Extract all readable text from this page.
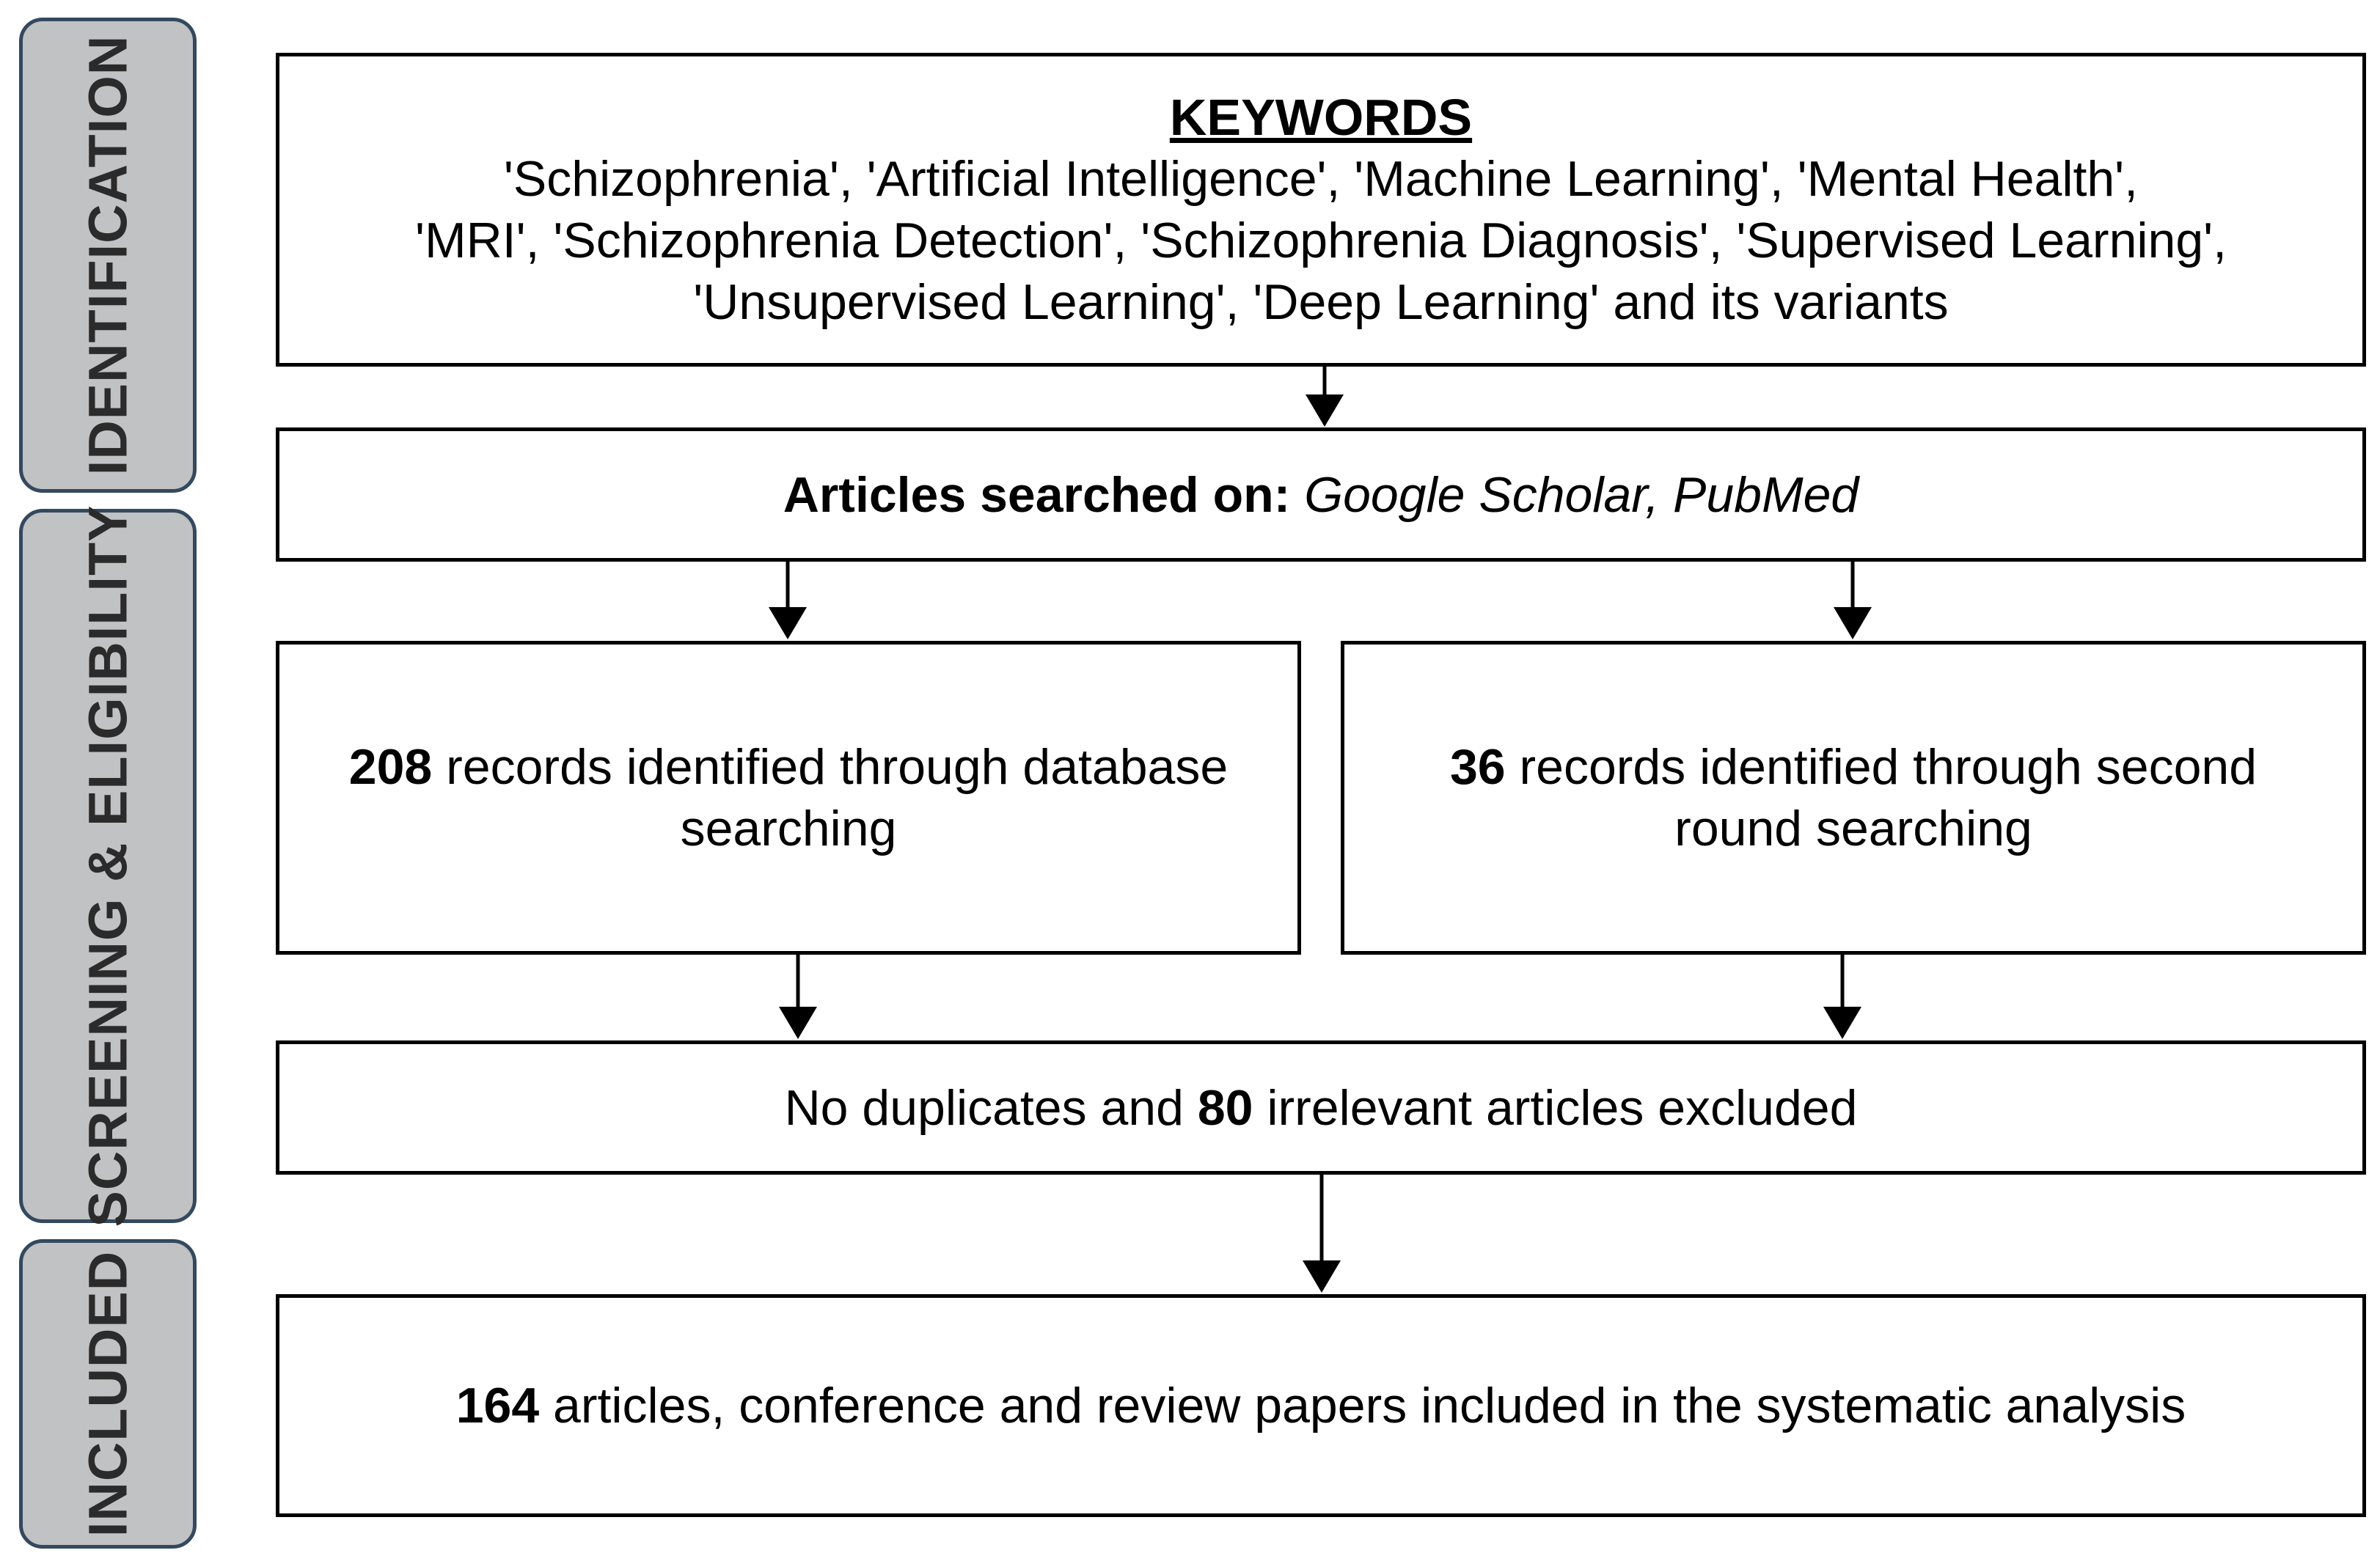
IDENTIFICATION
SCREENING & ELIGIBILITY
INCLUDED
KEYWORDS
'Schizophrenia', 'Artificial Intelligence', 'Machine Learning', 'Mental Health',
'MRI', 'Schizophrenia Detection', 'Schizophrenia Diagnosis', 'Supervised Learning',
'Unsupervised Learning', 'Deep Learning' and its variants
Articles searched on: Google Scholar, PubMed
208 records identified through database searching
36 records identified through second round searching
No duplicates and 80 irrelevant articles excluded
164 articles, conference and review papers included in the systematic analysis
